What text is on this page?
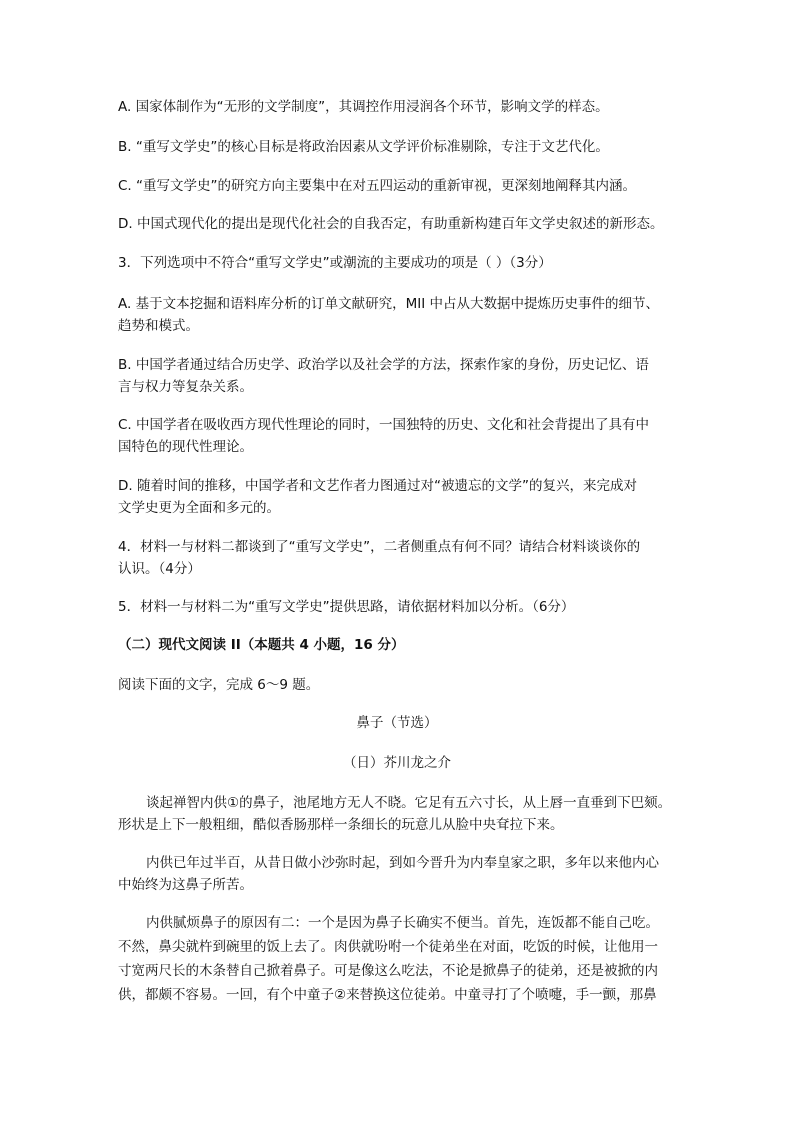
A. 国家体制作为“无形的文学制度”，其调控作用浸润各个环节，影响文学的样态。
B. “重写文学史”的核心目标是将政治因素从文学评价标准剔除，专注于文艺代化。
C. “重写文学史”的研究方向主要集中在对五四运动的重新审视，更深刻地阐释其内涵。
D. 中国式现代化的提出是现代化社会的自我否定，有助重新构建百年文学史叙述的新形态。
3．下列选项中不符合“重写文学史”或潮流的主要成功的项是（ ）（3分）
A. 基于文本挖掘和语料库分析的订单文献研究，MII 中占从大数据中提炼历史事件的细节、
趋势和模式。
B. 中国学者通过结合历史学、政治学以及社会学的方法，探索作家的身份，历史记忆、语
言与权力等复杂关系。
C. 中国学者在吸收西方现代性理论的同时，一国独特的历史、文化和社会背提出了具有中
国特色的现代性理论。
D. 随着时间的推移，中国学者和文艺作者力图通过对“被遗忘的文学”的复兴，来完成对
文学史更为全面和多元的。
4．材料一与材料二都谈到了“重写文学史”，二者侧重点有何不同？请结合材料谈谈你的
认识。（4分）
5．材料一与材料二为“重写文学史”提供思路，请依据材料加以分析。（6分）
（二）现代文阅读 II（本题共 4 小题，16 分）
阅读下面的文字，完成 6～9 题。
鼻子（节选）
（日）芥川龙之介
谈起禅智内供①的鼻子，池尾地方无人不晓。它足有五六寸长，从上唇一直垂到下巴颏。
形状是上下一般粗细，酷似香肠那样一条细长的玩意儿从脸中央耷拉下来。
内供已年过半百，从昔日做小沙弥时起，到如今晋升为内奉皇家之职，多年以来他内心
中始终为这鼻子所苦。
内供腻烦鼻子的原因有二：一个是因为鼻子长确实不便当。首先，连饭都不能自己吃。
不然，鼻尖就杵到碗里的饭上去了。肉供就吩咐一个徒弟坐在对面，吃饭的时候，让他用一
寸宽两尺长的木条替自己掀着鼻子。可是像这么吃法，不论是掀鼻子的徒弟，还是被掀的内
供，都颇不容易。一回，有个中童子②来替换这位徒弟。中童寻打了个喷嚏，手一颤，那鼻
